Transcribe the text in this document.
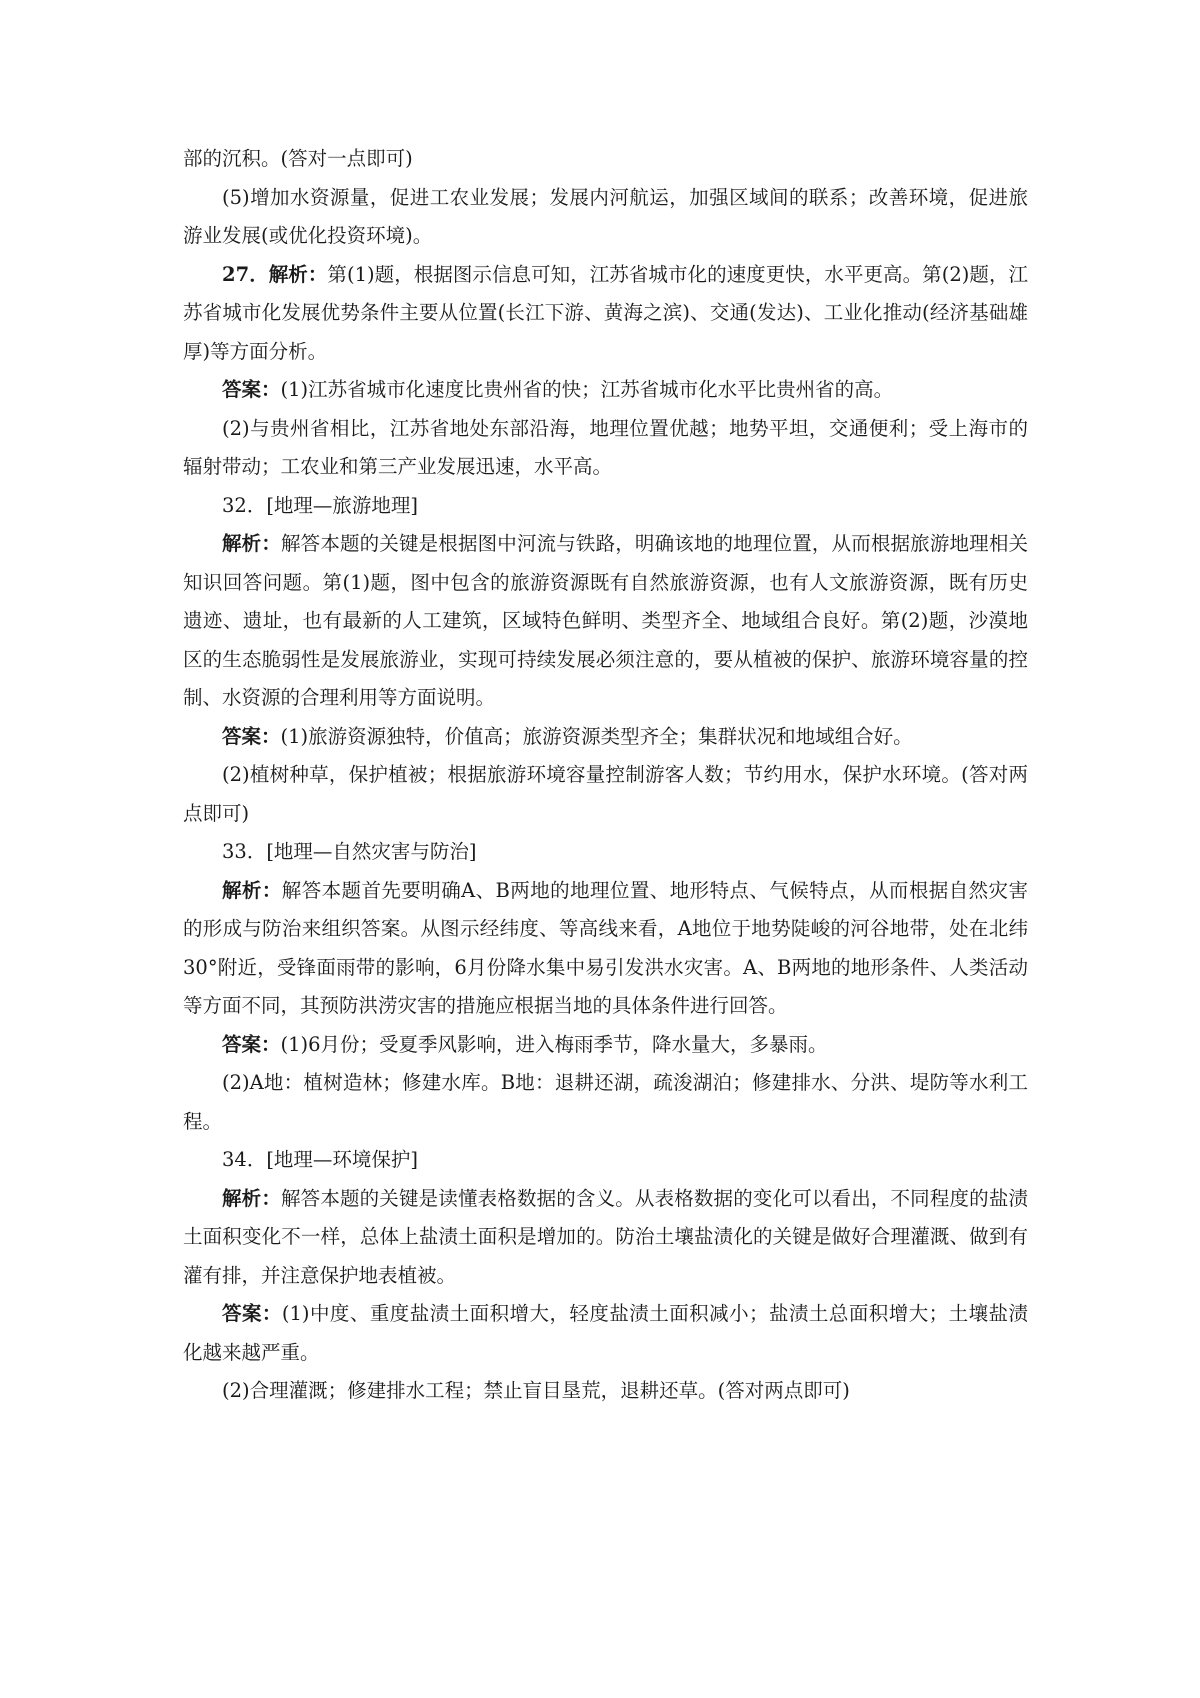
部的沉积。(答对一点即可)

(5)增加水资源量，促进工农业发展；发展内河航运，加强区域间的联系；改善环境，促进旅游业发展(或优化投资环境)。

27．解析：第(1)题，根据图示信息可知，江苏省城市化的速度更快，水平更高。第(2)题，江苏省城市化发展优势条件主要从位置(长江下游、黄海之滨)、交通(发达)、工业化推动(经济基础雄厚)等方面分析。

答案：(1)江苏省城市化速度比贵州省的快；江苏省城市化水平比贵州省的高。

(2)与贵州省相比，江苏省地处东部沿海，地理位置优越；地势平坦，交通便利；受上海市的辐射带动；工农业和第三产业发展迅速，水平高。

32．[地理—旅游地理]

解析：解答本题的关键是根据图中河流与铁路，明确该地的地理位置，从而根据旅游地理相关知识回答问题。第(1)题，图中包含的旅游资源既有自然旅游资源，也有人文旅游资源，既有历史遗迹、遗址，也有最新的人工建筑，区域特色鲜明、类型齐全、地域组合良好。第(2)题，沙漠地区的生态脆弱性是发展旅游业，实现可持续发展必须注意的，要从植被的保护、旅游环境容量的控制、水资源的合理利用等方面说明。

答案：(1)旅游资源独特，价值高；旅游资源类型齐全；集群状况和地域组合好。

(2)植树种草，保护植被；根据旅游环境容量控制游客人数；节约用水，保护水环境。(答对两点即可)

33．[地理—自然灾害与防治]

解析：解答本题首先要明确A、B两地的地理位置、地形特点、气候特点，从而根据自然灾害的形成与防治来组织答案。从图示经纬度、等高线来看，A地位于地势陡峻的河谷地带，处在北纬30°附近，受锋面雨带的影响，6月份降水集中易引发洪水灾害。A、B两地的地形条件、人类活动等方面不同，其预防洪涝灾害的措施应根据当地的具体条件进行回答。

答案：(1)6月份；受夏季风影响，进入梅雨季节，降水量大，多暴雨。

(2)A地：植树造林；修建水库。B地：退耕还湖，疏浚湖泊；修建排水、分洪、堤防等水利工程。

34．[地理—环境保护]

解析：解答本题的关键是读懂表格数据的含义。从表格数据的变化可以看出，不同程度的盐渍土面积变化不一样，总体上盐渍土面积是增加的。防治土壤盐渍化的关键是做好合理灌溉、做到有灌有排，并注意保护地表植被。

答案：(1)中度、重度盐渍土面积增大，轻度盐渍土面积减小；盐渍土总面积增大；土壤盐渍化越来越严重。

(2)合理灌溉；修建排水工程；禁止盲目垦荒，退耕还草。(答对两点即可)
